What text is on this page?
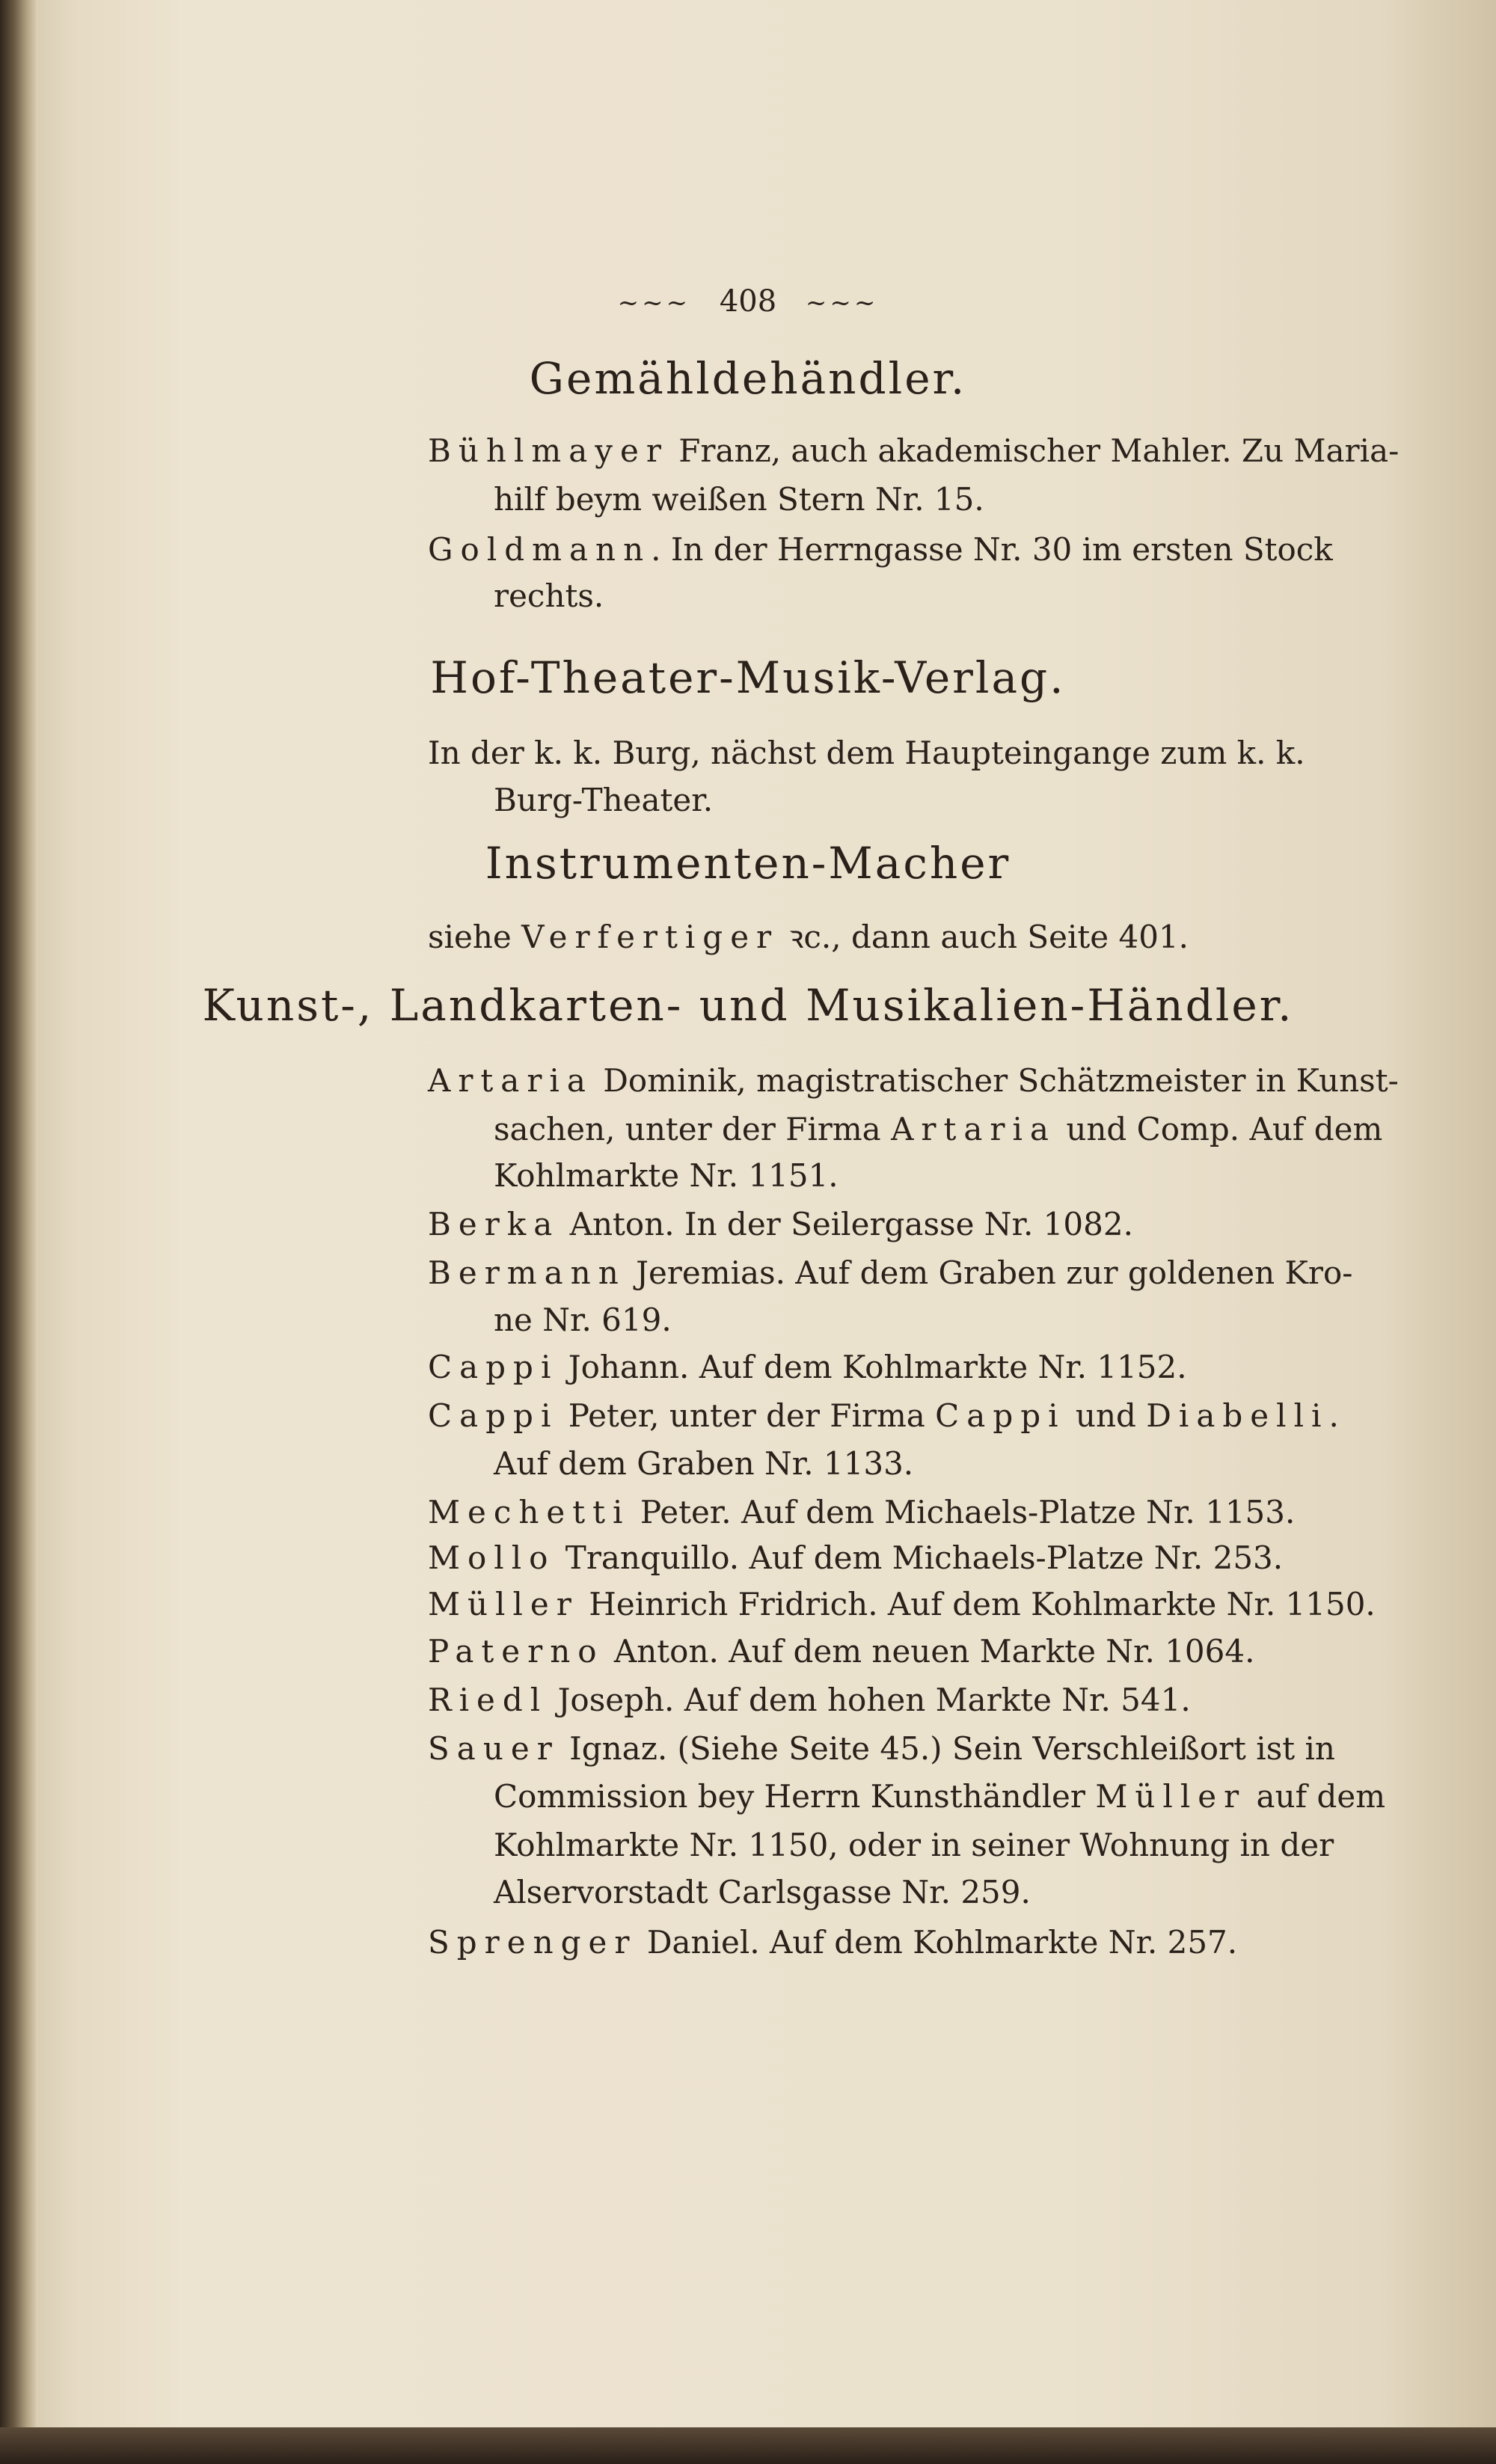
~~~ 408 ~~~
Gemähldehändler.
Bühlmayer Franz, auch akademischer Mahler. Zu Maria-
hilf beym weißen Stern Nr. 15.
Goldmann. In der Herrngasse Nr. 30 im ersten Stock
rechts.
Hof-Theater-Musik-Verlag.
In der k. k. Burg, nächst dem Haupteingange zum k. k.
Burg-Theater.
Instrumenten-Macher
siehe Verfertiger ꝛc., dann auch Seite 401.
Kunst-, Landkarten- und Musikalien-Händler.
Artaria Dominik, magistratischer Schätzmeister in Kunst-
sachen, unter der Firma Artaria und Comp. Auf dem
Kohlmarkte Nr. 1151.
Berka Anton. In der Seilergasse Nr. 1082.
Bermann Jeremias. Auf dem Graben zur goldenen Kro-
ne Nr. 619.
Cappi Johann. Auf dem Kohlmarkte Nr. 1152.
Cappi Peter, unter der Firma Cappi und Diabelli.
Auf dem Graben Nr. 1133.
Mechetti Peter. Auf dem Michaels-Platze Nr. 1153.
Mollo Tranquillo. Auf dem Michaels-Platze Nr. 253.
Müller Heinrich Fridrich. Auf dem Kohlmarkte Nr. 1150.
Paterno Anton. Auf dem neuen Markte Nr. 1064.
Riedl Joseph. Auf dem hohen Markte Nr. 541.
Sauer Ignaz. (Siehe Seite 45.) Sein Verschleißort ist in
Commission bey Herrn Kunsthändler Müller auf dem
Kohlmarkte Nr. 1150, oder in seiner Wohnung in der
Alservorstadt Carlsgasse Nr. 259.
Sprenger Daniel. Auf dem Kohlmarkte Nr. 257.
